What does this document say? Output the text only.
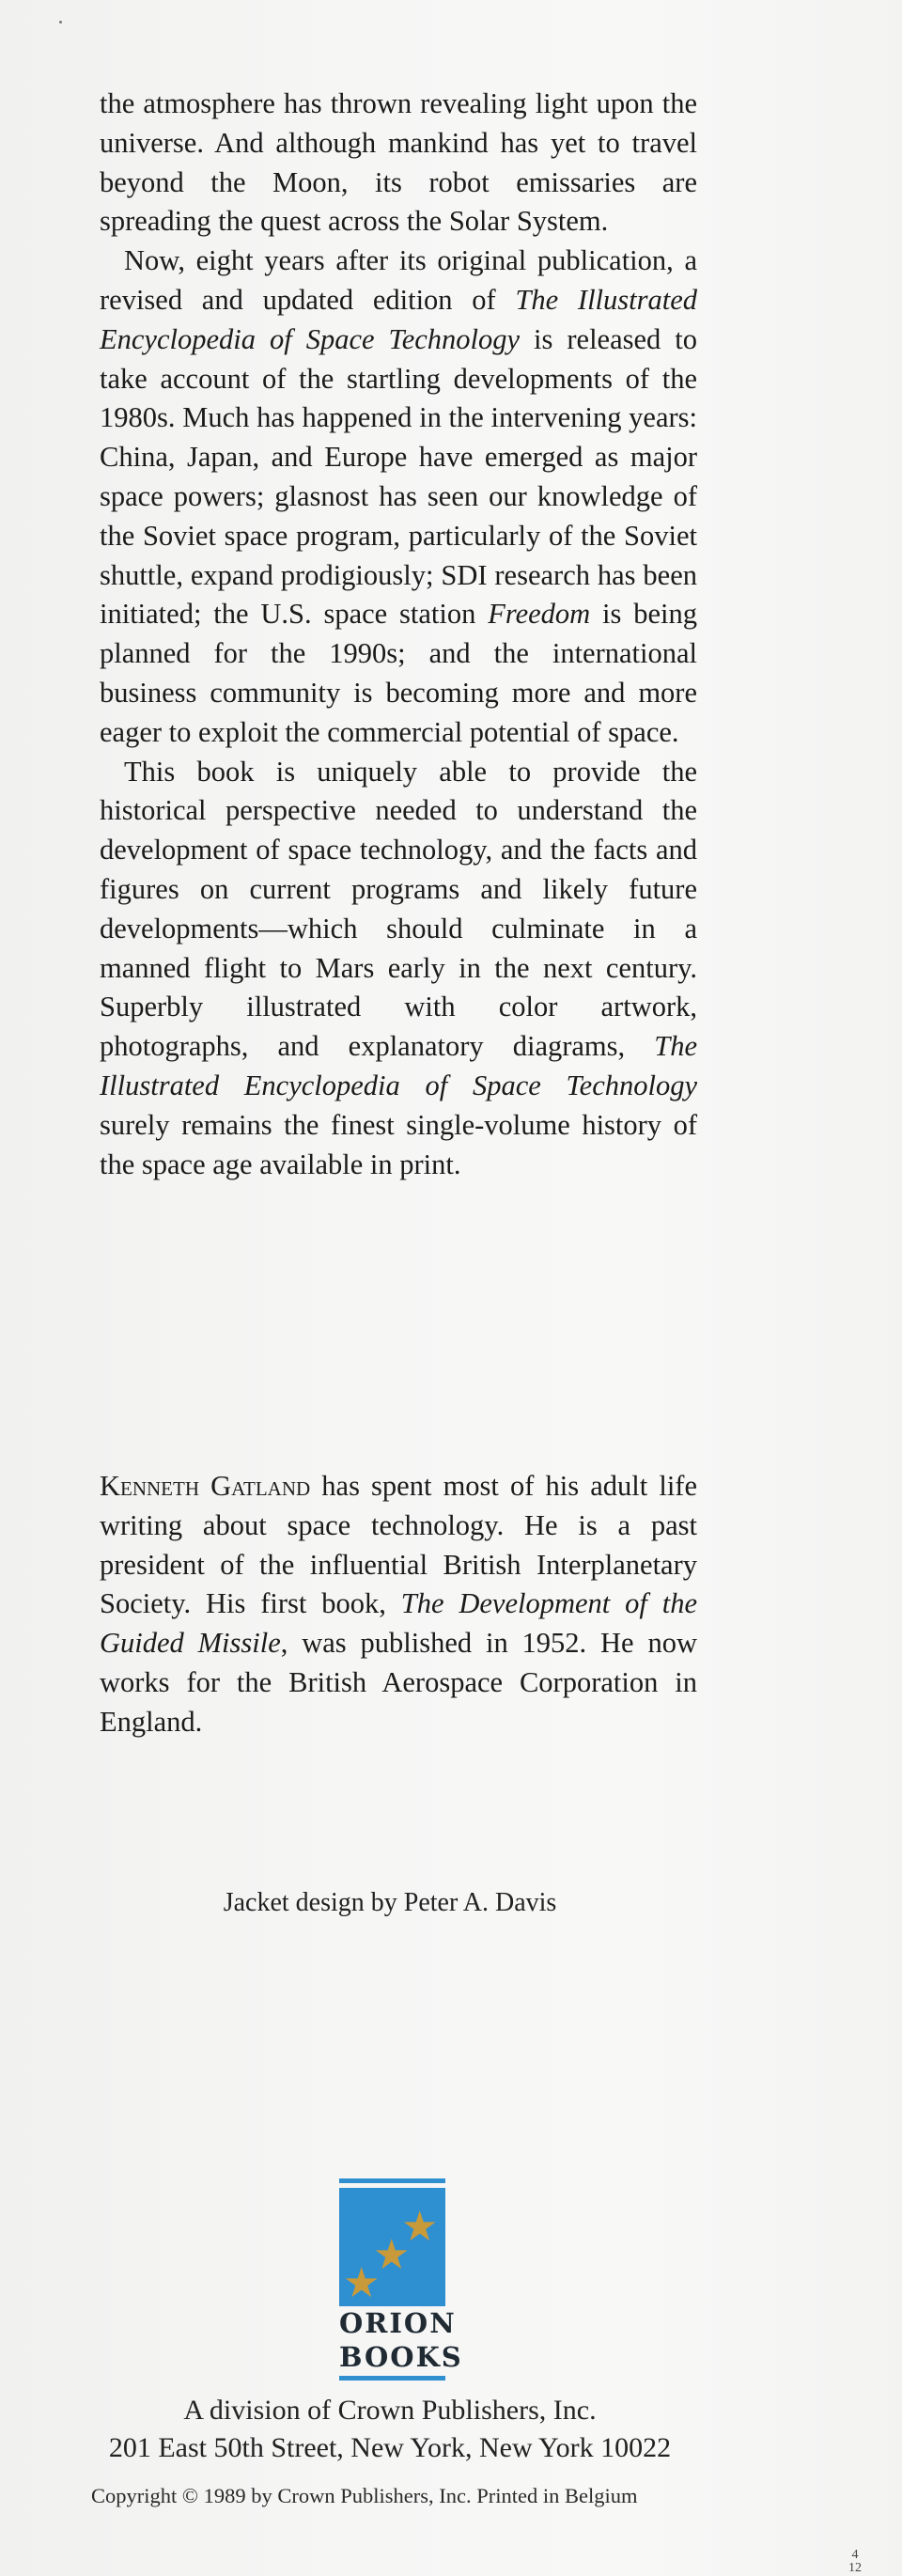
the atmosphere has thrown revealing light upon the universe. And although mankind has yet to travel beyond the Moon, its robot emissaries are spreading the quest across the Solar System.

Now, eight years after its original publication, a revised and updated edition of The Illustrated Encyclopedia of Space Technology is released to take account of the startling developments of the 1980s. Much has happened in the intervening years: China, Japan, and Europe have emerged as major space powers; glasnost has seen our knowledge of the Soviet space program, particularly of the Soviet shuttle, expand prodigiously; SDI research has been initiated; the U.S. space station Freedom is being planned for the 1990s; and the international business community is becoming more and more eager to exploit the commercial potential of space.

This book is uniquely able to provide the historical perspective needed to understand the development of space technology, and the facts and figures on current programs and likely future developments—which should culminate in a manned flight to Mars early in the next century. Superbly illustrated with color artwork, photographs, and explanatory diagrams, The Illustrated Encyclopedia of Space Technology surely remains the finest single-volume history of the space age available in print.

Kenneth Gatland has spent most of his adult life writing about space technology. He is a past president of the influential British Interplanetary Society. His first book, The Development of the Guided Missile, was published in 1952. He now works for the British Aerospace Corporation in England.

Jacket design by Peter A. Davis
★
★
★
ORION
BOOKS
A division of Crown Publishers, Inc.
201 East 50th Street, New York, New York 10022
Copyright © 1989 by Crown Publishers, Inc. Printed in Belgium
4
12
